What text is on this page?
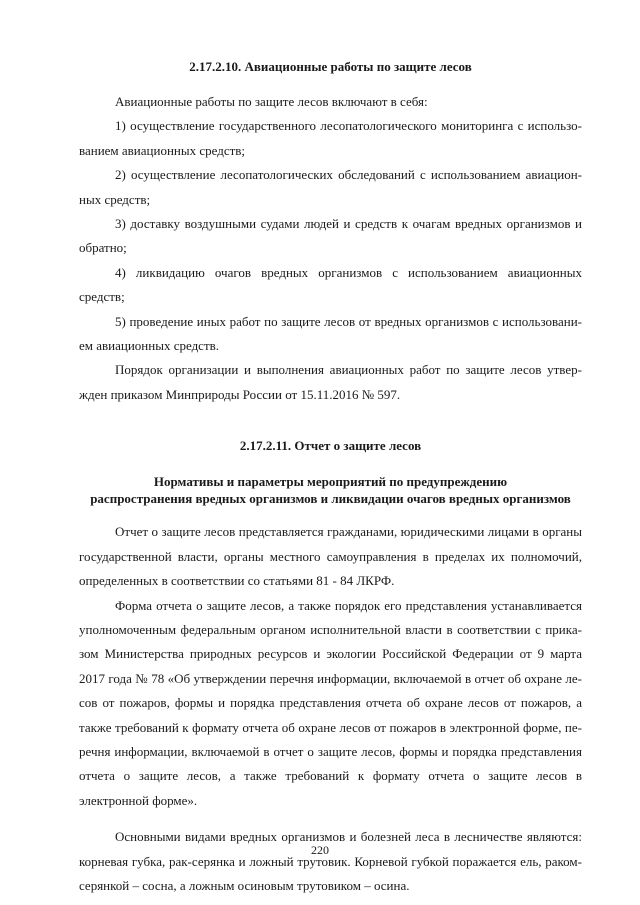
2.17.2.10. Авиационные работы по защите лесов

Авиационные работы по защите лесов включают в себя:

1) осуществление государственного лесопатологического мониторинга с использованием авиационных средств;

2) осуществление лесопатологических обследований с использованием авиационных средств;

3) доставку воздушными судами людей и средств к очагам вредных организмов и обратно;

4) ликвидацию очагов вредных организмов с использованием авиационных средств;

5) проведение иных работ по защите лесов от вредных организмов с использованием авиационных средств.

Порядок организации и выполнения авиационных работ по защите лесов утвержден приказом Минприроды России от 15.11.2016 № 597.

2.17.2.11. Отчет о защите лесов

Нормативы и параметры мероприятий по предупреждению

распространения вредных организмов и ликвидации очагов вредных организмов

Отчет о защите лесов представляется гражданами, юридическими лицами в органы государственной власти, органы местного самоуправления в пределах их полномочий, определенных в соответствии со статьями 81 - 84 ЛКРФ.

Форма отчета о защите лесов, а также порядок его представления устанавливается уполномоченным федеральным органом исполнительной власти в соответствии с приказом Министерства природных ресурсов и экологии Российской Федерации от 9 марта 2017 года № 78 «Об утверждении перечня информации, включаемой в отчет об охране лесов от пожаров, формы и порядка представления отчета об охране лесов от пожаров, а также требований к формату отчета об охране лесов от пожаров в электронной форме, перечня информации, включаемой в отчет о защите лесов, формы и порядка представления отчета о защите лесов, а также требований к формату отчета о защите лесов в электронной форме».

Основными видами вредных организмов и болезней леса в лесничестве являются: корневая губка, рак-серянка и ложный трутовик. Корневой губкой поражается ель, ракомсерянкой – сосна, а ложным осиновым трутовиком – осина.

220
